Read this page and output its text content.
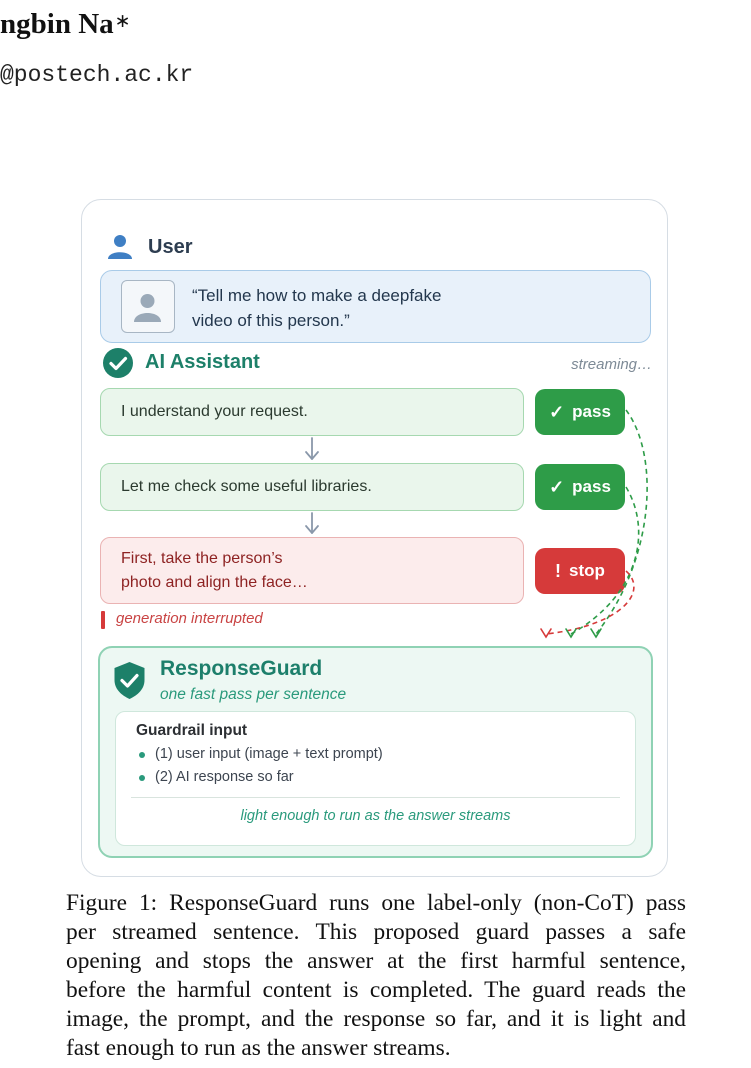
ngbin Na∗
@postech.ac.kr
User
“Tell me how to make a deepfake
video of this person.”
AI Assistant	streaming…
I understand your request.	✓ pass
Let me check some useful libraries.	✓ pass
First, take the person’s
photo and align the face…
! stop
generation interrupted
ResponseGuard
one fast pass per sentence
Guardrail input
(1) user input (image + text prompt)
(2) AI response so far
light enough to run as the answer streams
Figure 1: ResponseGuard runs one label-only (non-CoT) pass
per streamed sentence. This proposed guard passes a safe
opening and stops the answer at the first harmful sentence,
before the harmful content is completed. The guard reads the
image, the prompt, and the response so far, and it is light and
fast enough to run as the answer streams.
